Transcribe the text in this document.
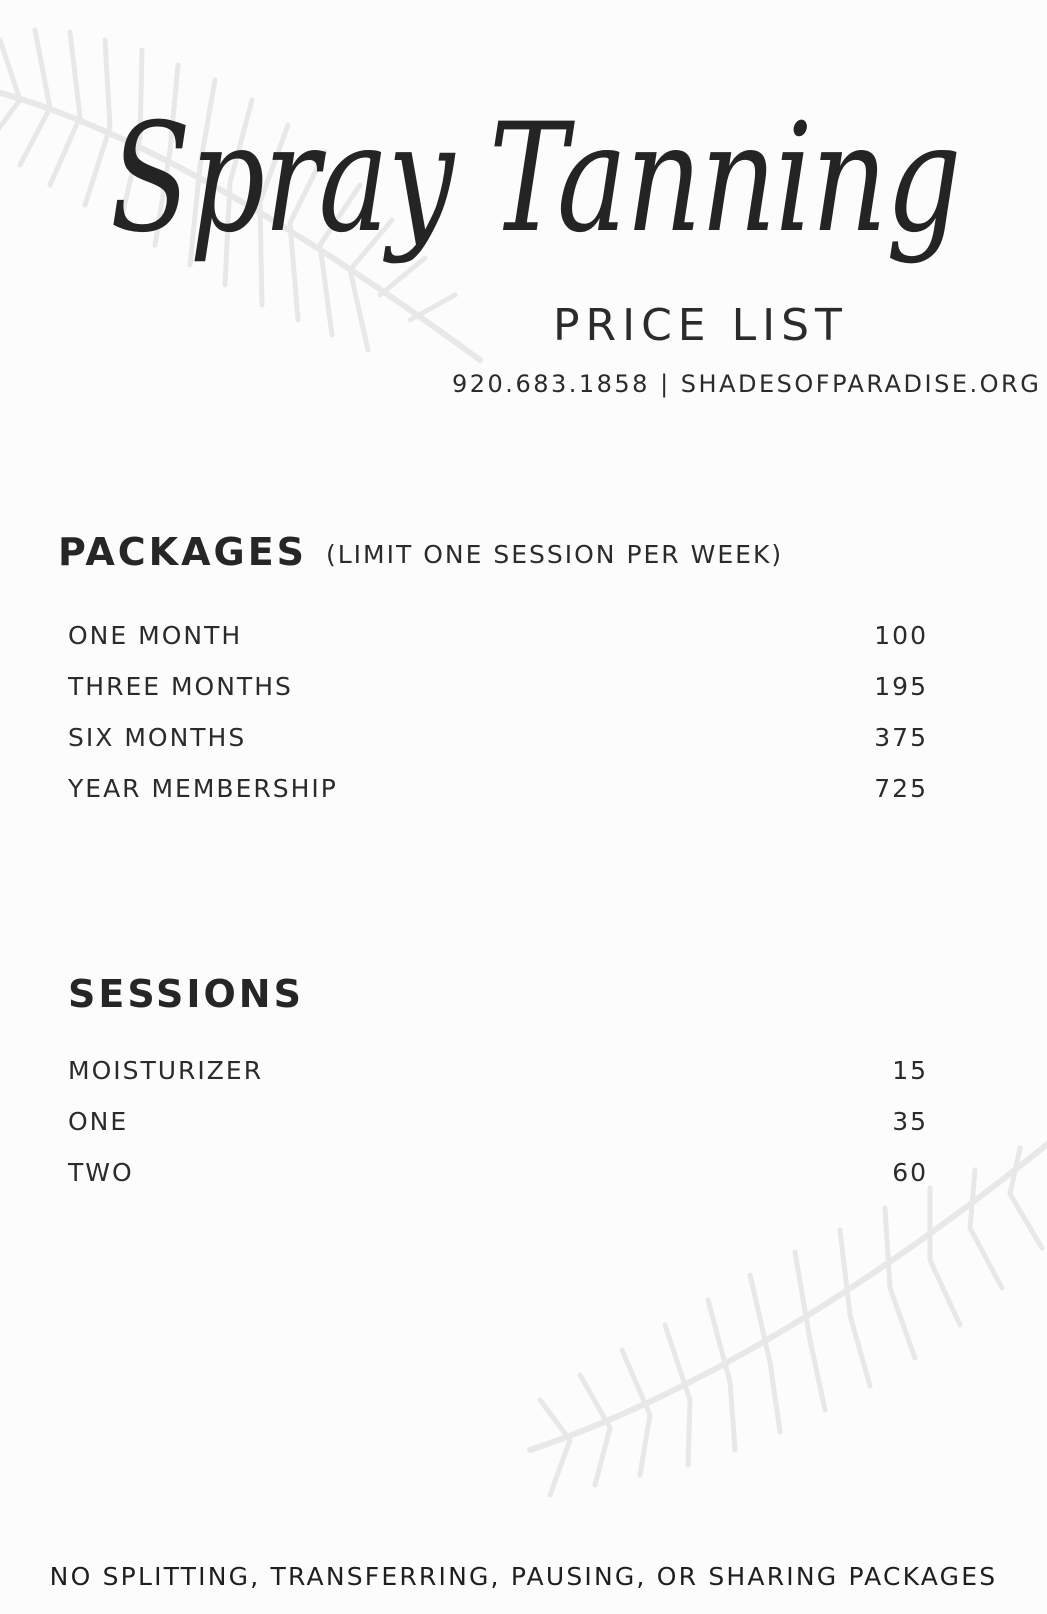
Spray Tanning
PRICE LIST
920.683.1858 | SHADESOFPARADISE.ORG
PACKAGES (LIMIT ONE SESSION PER WEEK)
ONE MONTH	100
THREE MONTHS	195
SIX MONTHS	375
YEAR MEMBERSHIP	725
SESSIONS
MOISTURIZER	15
ONE	35
TWO	60
NO SPLITTING, TRANSFERRING, PAUSING, OR SHARING PACKAGES
